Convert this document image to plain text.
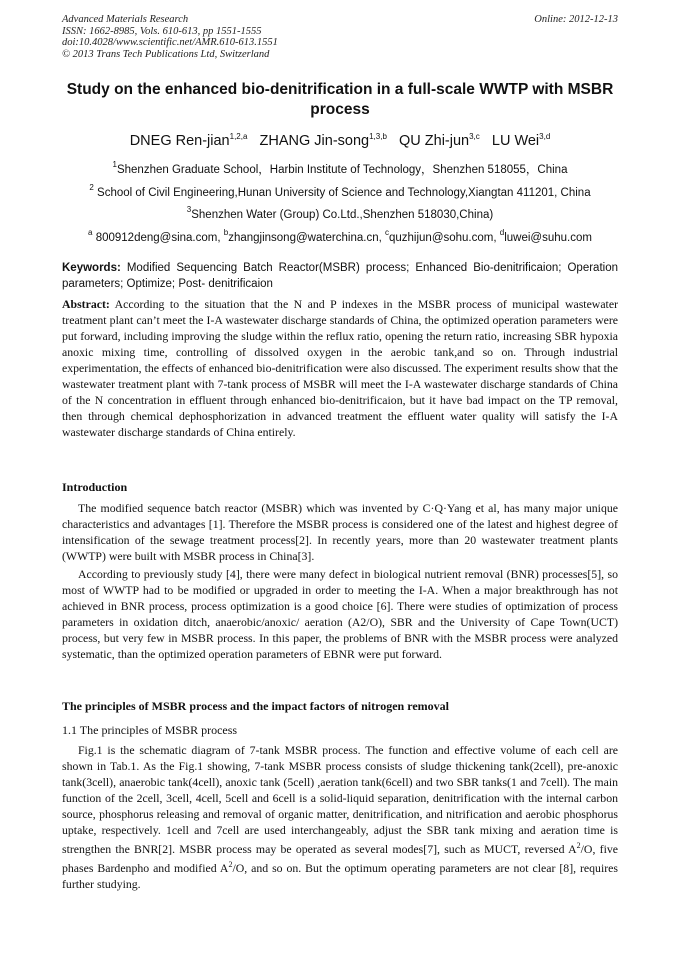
Advanced Materials Research
ISSN: 1662-8985, Vols. 610-613, pp 1551-1555
doi:10.4028/www.scientific.net/AMR.610-613.1551
© 2013 Trans Tech Publications Ltd, Switzerland
Online: 2012-12-13
Study on the enhanced bio-denitrification in a full-scale WWTP with MSBR process
DNEG Ren-jian$^{1,2,a}$ ZHANG Jin-song$^{1,3,b}$ QU Zhi-jun$^{3,c}$ LU Wei$^{3,d}$
$^1$Shenzhen Graduate School，Harbin Institute of Technology，Shenzhen 518055，China
$^2$ School of Civil Engineering,Hunan University of Science and Technology,Xiangtan 411201, China
$^3$Shenzhen Water (Group) Co.Ltd.,Shenzhen 518030,China)
$^a$ 800912deng@sina.com, $^b$zhangjinsong@waterchina.cn, $^c$quzhijun@sohu.com, $^d$luwei@suhu.com
Keywords: Modified Sequencing Batch Reactor(MSBR) process; Enhanced Bio-denitrificaion; Operation parameters; Optimize; Post- denitrificaion
Abstract: According to the situation that the N and P indexes in the MSBR process of municipal wastewater treatment plant can’t meet the I-A wastewater discharge standards of China, the optimized operation parameters were put forward, including improving the sludge within the reflux ratio, opening the return ratio, increasing SBR hypoxia anoxic mixing time, controlling of dissolved oxygen in the aerobic tank,and so on. Through industrial experimentation, the effects of enhanced bio-denitrification were also discussed. The experiment results show that the wastewater treatment plant with 7-tank process of MSBR will meet the I-A wastewater discharge standards of China of the N concentration in effluent through enhanced bio-denitrificaion, but it have bad impact on the TP removal, then through chemical dephosphorization in advanced treatment the effluent water quality will satisfy the I-A wastewater discharge standards of China entirely.
Introduction
The modified sequence batch reactor (MSBR) which was invented by C·Q·Yang et al, has many major unique characteristics and advantages [1]. Therefore the MSBR process is considered one of the latest and highest degree of intensification of the sewage treatment process[2]. In recently years, more than 20 wastewater treatment plants (WWTP) were built with MSBR process in China[3].
According to previously study [4], there were many defect in biological nutrient removal (BNR) processes[5], so most of WWTP had to be modified or upgraded in order to meeting the I-A. When a major breakthrough has not achieved in BNR process, process optimization is a good choice [6]. There were studies of optimization of process parameters in oxidation ditch, anaerobic/anoxic/ aeration (A2/O), SBR and the University of Cape Town(UCT) process, but very few in MSBR process. In this paper, the problems of BNR with the MSBR process were analyzed systematic, than the optimized operation parameters of EBNR were put forward.
The principles of MSBR process and the impact factors of nitrogen removal
1.1 The principles of MSBR process
Fig.1 is the schematic diagram of 7-tank MSBR process. The function and effective volume of each cell are shown in Tab.1. As the Fig.1 showing, 7-tank MSBR process consists of sludge thickening tank(2cell), pre-anoxic tank(3cell), anaerobic tank(4cell), anoxic tank (5cell) ,aeration tank(6cell) and two SBR tanks(1 and 7cell). The main function of the 2cell, 3cell, 4cell, 5cell and 6cell is a solid-liquid separation, denitrification with the internal carbon source, phosphorus releasing and removal of organic matter, denitrification, and nitrification and aerobic phosphorus uptake, respectively. 1cell and 7cell are used interchangeably, adjust the SBR tank mixing and aeration time is strengthen the BNR[2]. MSBR process may be operated as several modes[7], such as MUCT, reversed $A^2/O$, five phases Bardenpho and modified $A^2/O$, and so on. But the optimum operating parameters are not clear [8], requires further studying.
